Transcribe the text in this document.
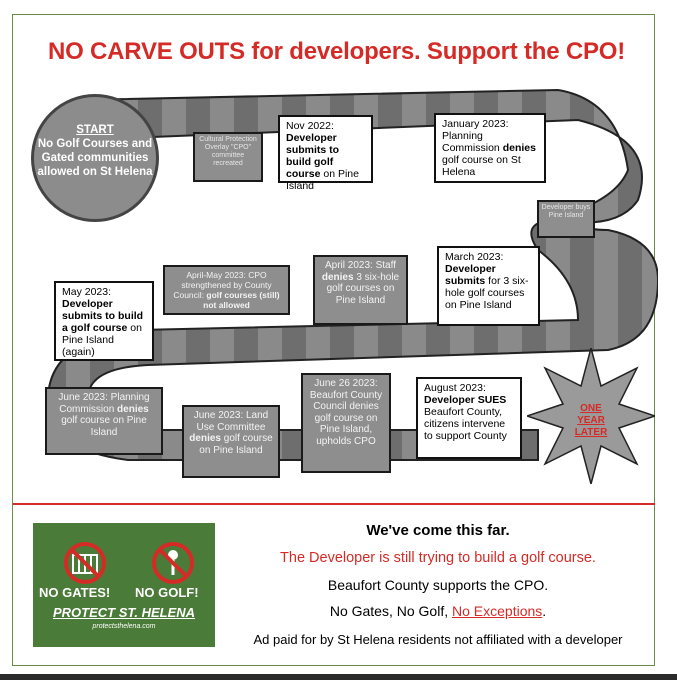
NO CARVE OUTS for developers. Support the CPO!
START
No Golf Courses and Gated communities allowed on St Helena
Cultural Protection Overlay "CPO" committee recreated
Nov 2022:
Developer submits to build golf course on Pine Island
January 2023: Planning Commission denies golf course on St Helena
Developer buys Pine Island
March 2023:
Developer submits for 3 six-hole golf courses on Pine Island
April 2023: Staff denies 3 six-hole golf courses on Pine Island
April-May 2023: CPO strengthened by County Council: golf courses (still) not allowed
May 2023:
Developer submits to build a golf course on Pine Island (again)
June 2023: Planning Commission denies golf course on Pine Island
June 2023: Land Use Committee denies golf course on Pine Island
June 26 2023: Beaufort County Council denies golf course on Pine Island, upholds CPO
August 2023:
Developer SUES Beaufort County, citizens intervene to support County
ONE YEAR LATER
NO GATES! NO GOLF!
PROTECT ST. HELENA
protectsthelena.com
We've come this far.
The Developer is still trying to build a golf course.
Beaufort County supports the CPO.
No Gates, No Golf, No Exceptions.
Ad paid for by St Helena residents not affiliated with a developer
